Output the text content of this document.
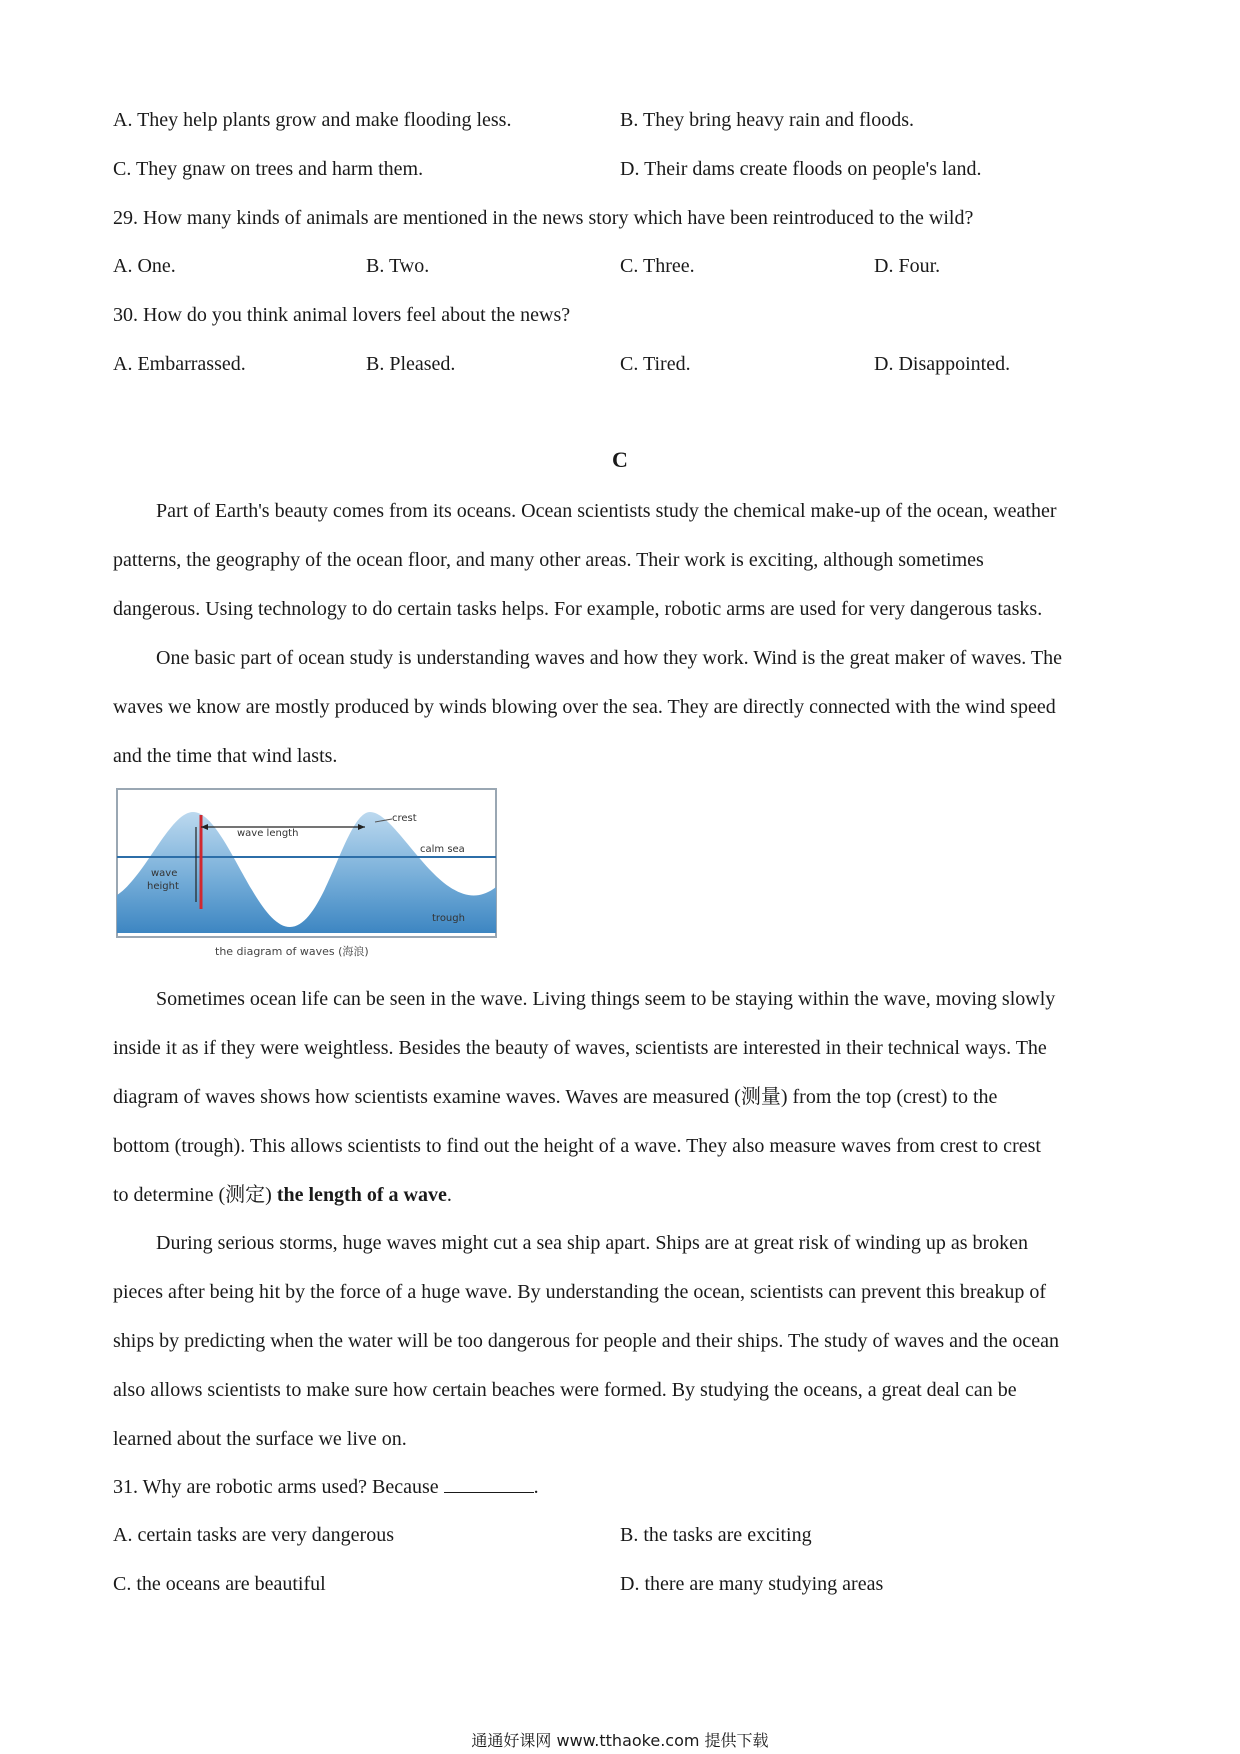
A. They help plants grow and make flooding less.	B. They bring heavy rain and floods.
C. They gnaw on trees and harm them.	D. Their dams create floods on people's land.
29. How many kinds of animals are mentioned in the news story which have been reintroduced to the wild?
A. One.	B. Two.	C. Three.	D. Four.
30. How do you think animal lovers feel about the news?
A. Embarrassed.	B. Pleased.	C. Tired.	D. Disappointed.
C
Part of Earth's beauty comes from its oceans. Ocean scientists study the chemical make-up of the ocean, weather
patterns, the geography of the ocean floor, and many other areas. Their work is exciting, although sometimes
dangerous. Using technology to do certain tasks helps. For example, robotic arms are used for very dangerous tasks.
One basic part of ocean study is understanding waves and how they work. Wind is the great maker of waves. The
waves we know are mostly produced by winds blowing over the sea. They are directly connected with the wind speed
and the time that wind lasts.
wave length
crest
calm sea
wave
height
trough
the diagram of waves (海浪)
Sometimes ocean life can be seen in the wave. Living things seem to be staying within the wave, moving slowly
inside it as if they were weightless. Besides the beauty of waves, scientists are interested in their technical ways. The
diagram of waves shows how scientists examine waves. Waves are measured (测量) from the top (crest) to the
bottom (trough). This allows scientists to find out the height of a wave. They also measure waves from crest to crest
to determine (测定) the length of a wave.
During serious storms, huge waves might cut a sea ship apart. Ships are at great risk of winding up as broken
pieces after being hit by the force of a huge wave. By understanding the ocean, scientists can prevent this breakup of
ships by predicting when the water will be too dangerous for people and their ships. The study of waves and the ocean
also allows scientists to make sure how certain beaches were formed. By studying the oceans, a great deal can be
learned about the surface we live on.
31. Why are robotic arms used? Because	.
A. certain tasks are very dangerous	B. the tasks are exciting
C. the oceans are beautiful	D. there are many studying areas
通通好课网 www.tthaoke.com 提供下载
